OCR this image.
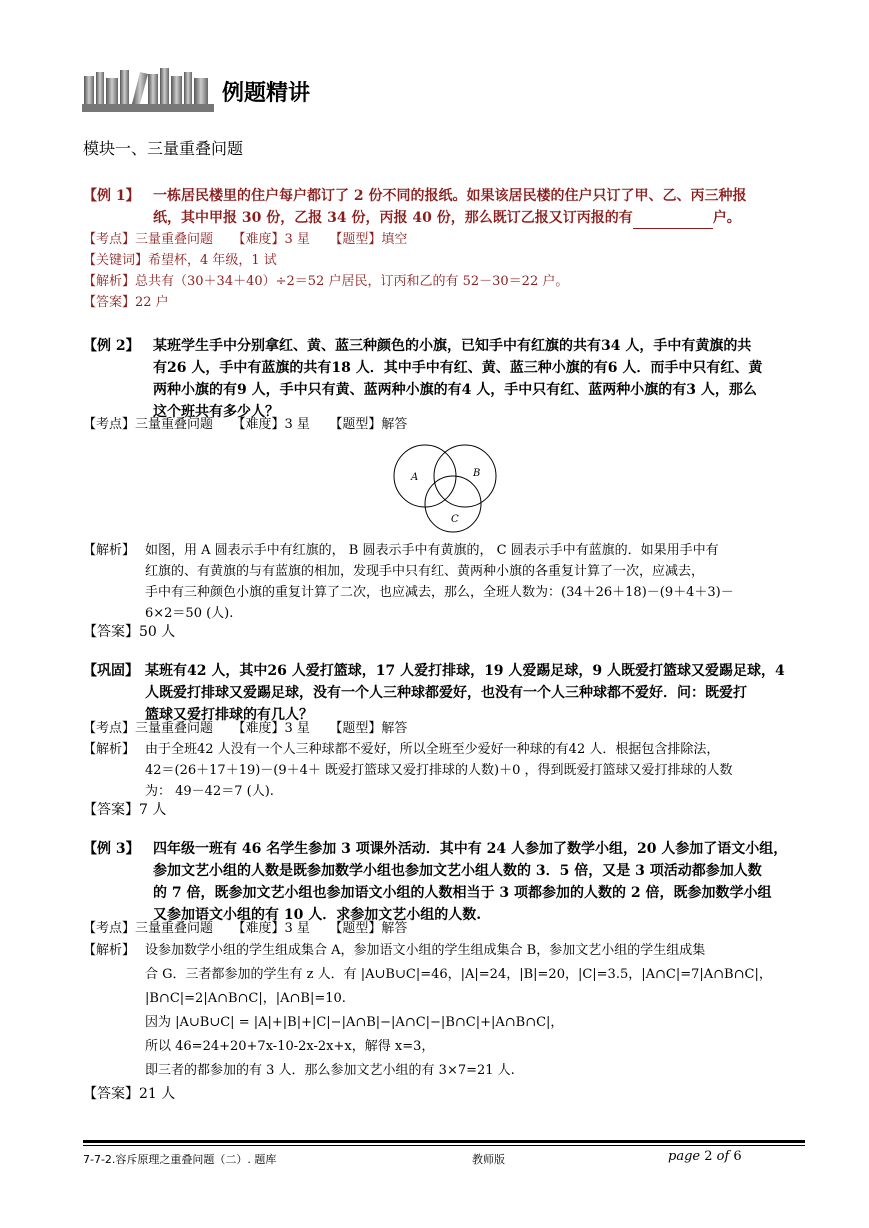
例题精讲
模块一、三量重叠问题
【例 1】 一栋居民楼里的住户每户都订了 2 份不同的报纸。如果该居民楼的住户只订了甲、乙、丙三种报
纸，其中甲报 30 份，乙报 34 份，丙报 40 份，那么既订乙报又订丙报的有	户。
【考点】三量重叠问题　　【难度】3 星　　【题型】填空
【关键词】希望杯，4 年级，1 试
【解析】总共有（30＋34＋40）÷2＝52 户居民，订丙和乙的有 52－30＝22 户。
【答案】22 户
【例 2】 某班学生手中分别拿红、黄、蓝三种颜色的小旗，已知手中有红旗的共有34 人，手中有黄旗的共
有26 人，手中有蓝旗的共有18 人．其中手中有红、黄、蓝三种小旗的有6 人．而手中只有红、黄
两种小旗的有9 人，手中只有黄、蓝两种小旗的有4 人，手中只有红、蓝两种小旗的有3 人，那么
这个班共有多少人？
【考点】三量重叠问题　　【难度】3 星　　【题型】解答
A	B
C
【解析】 如图，用 A 圆表示手中有红旗的， B 圆表示手中有黄旗的， C 圆表示手中有蓝旗的．如果用手中有
红旗的、有黄旗的与有蓝旗的相加，发现手中只有红、黄两种小旗的各重复计算了一次，应减去，
手中有三种颜色小旗的重复计算了二次，也应减去，那么，全班人数为：(34＋26＋18)－(9＋4＋3)－
6×2＝50 (人).
【答案】50 人
【巩固】 某班有42 人，其中26 人爱打篮球，17 人爱打排球，19 人爱踢足球，9 人既爱打篮球又爱踢足球，4
人既爱打排球又爱踢足球，没有一个人三种球都爱好，也没有一个人三种球都不爱好．问：既爱打
篮球又爱打排球的有几人？
【考点】三量重叠问题　　【难度】3 星　　【题型】解答
【解析】 由于全班42 人没有一个人三种球都不爱好，所以全班至少爱好一种球的有42 人．根据包含排除法，
42＝(26＋17＋19)－(9＋4＋ 既爱打篮球又爱打排球的人数)＋0 ，得到既爱打篮球又爱打排球的人数
为： 49－42＝7 (人).
【答案】7 人
【例 3】 四年级一班有 46 名学生参加 3 项课外活动．其中有 24 人参加了数学小组，20 人参加了语文小组，
参加文艺小组的人数是既参加数学小组也参加文艺小组人数的 3．5 倍，又是 3 项活动都参加人数
的 7 倍，既参加文艺小组也参加语文小组的人数相当于 3 项都参加的人数的 2 倍，既参加数学小组
又参加语文小组的有 10 人．求参加文艺小组的人数.
【考点】三量重叠问题　　【难度】3 星　　【题型】解答
【解析】 设参加数学小组的学生组成集合 A，参加语文小组的学生组成集合 B，参加文艺小组的学生组成集
合 G．三者都参加的学生有 z 人．有 |A∪B∪C|=46，|A|=24，|B|=20，|C|=3.5，|A∩C|=7|A∩B∩C|，
|B∩C|=2|A∩B∩C|，|A∩B|=10.
因为 |A∪B∪C| = |A|+|B|+|C|−|A∩B|−|A∩C|−|B∩C|+|A∩B∩C|，
所以 46=24+20+7x-10-2x-2x+x，解得 x=3，
即三者的都参加的有 3 人．那么参加文艺小组的有 3×7=21 人.
【答案】21 人
7-7-2.容斥原理之重叠问题（二）. 题库	教师版	page 2 of 6
